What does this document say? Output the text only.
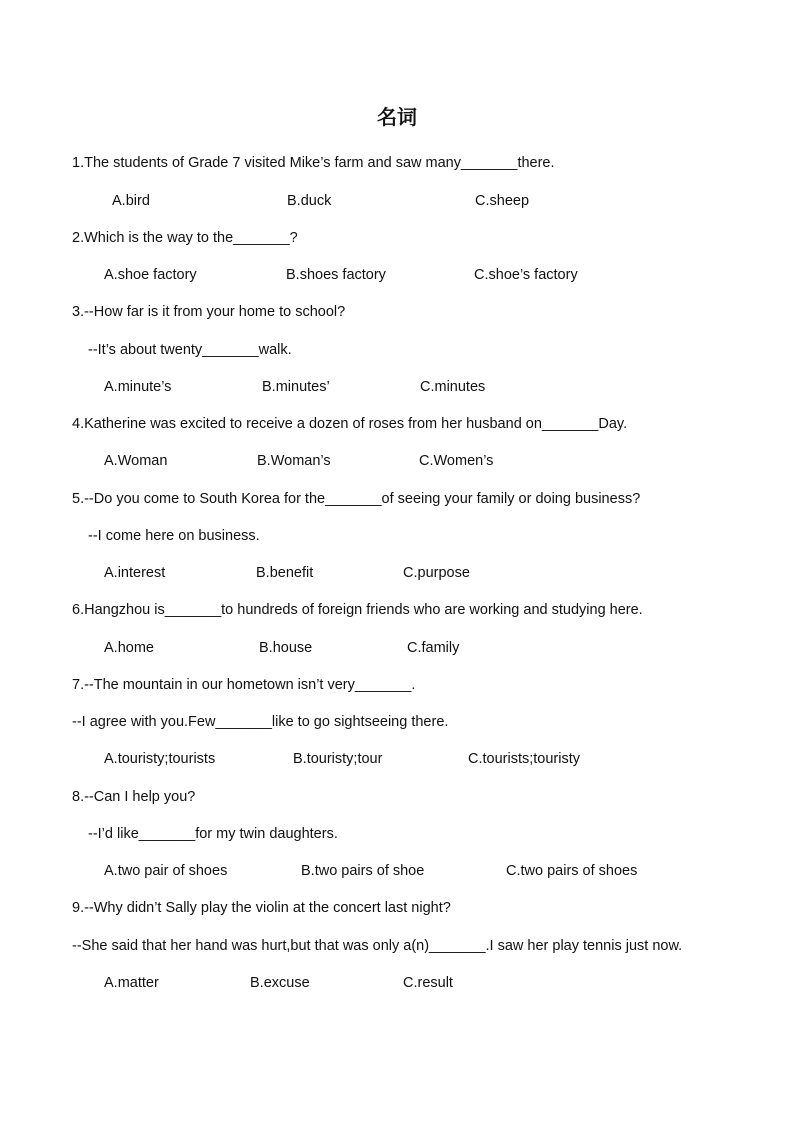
名词
1.The students of Grade 7 visited Mike’s farm and saw many_______there.
A.bird	B.duck	C.sheep
2.Which is the way to the_______?
A.shoe factory	B.shoes factory	C.shoe’s factory
3.--How far is it from your home to school?
--It’s about twenty_______walk.
A.minute’s	B.minutes’	C.minutes
4.Katherine was excited to receive a dozen of roses from her husband on_______Day.
A.Woman	B.Woman’s	C.Women’s
5.--Do you come to South Korea for the_______of seeing your family or doing business?
--I come here on business.
A.interest	B.benefit	C.purpose
6.Hangzhou is_______to hundreds of foreign friends who are working and studying here.
A.home	B.house	C.family
7.--The mountain in our hometown isn’t very_______.
--I agree with you.Few_______like to go sightseeing there.
A.touristy;tourists	B.touristy;tour	C.tourists;touristy
8.--Can I help you?
--I’d like_______for my twin daughters.
A.two pair of shoes	B.two pairs of shoe	C.two pairs of shoes
9.--Why didn’t Sally play the violin at the concert last night?
--She said that her hand was hurt,but that was only a(n)_______.I saw her play tennis just now.
A.matter	B.excuse	C.result
